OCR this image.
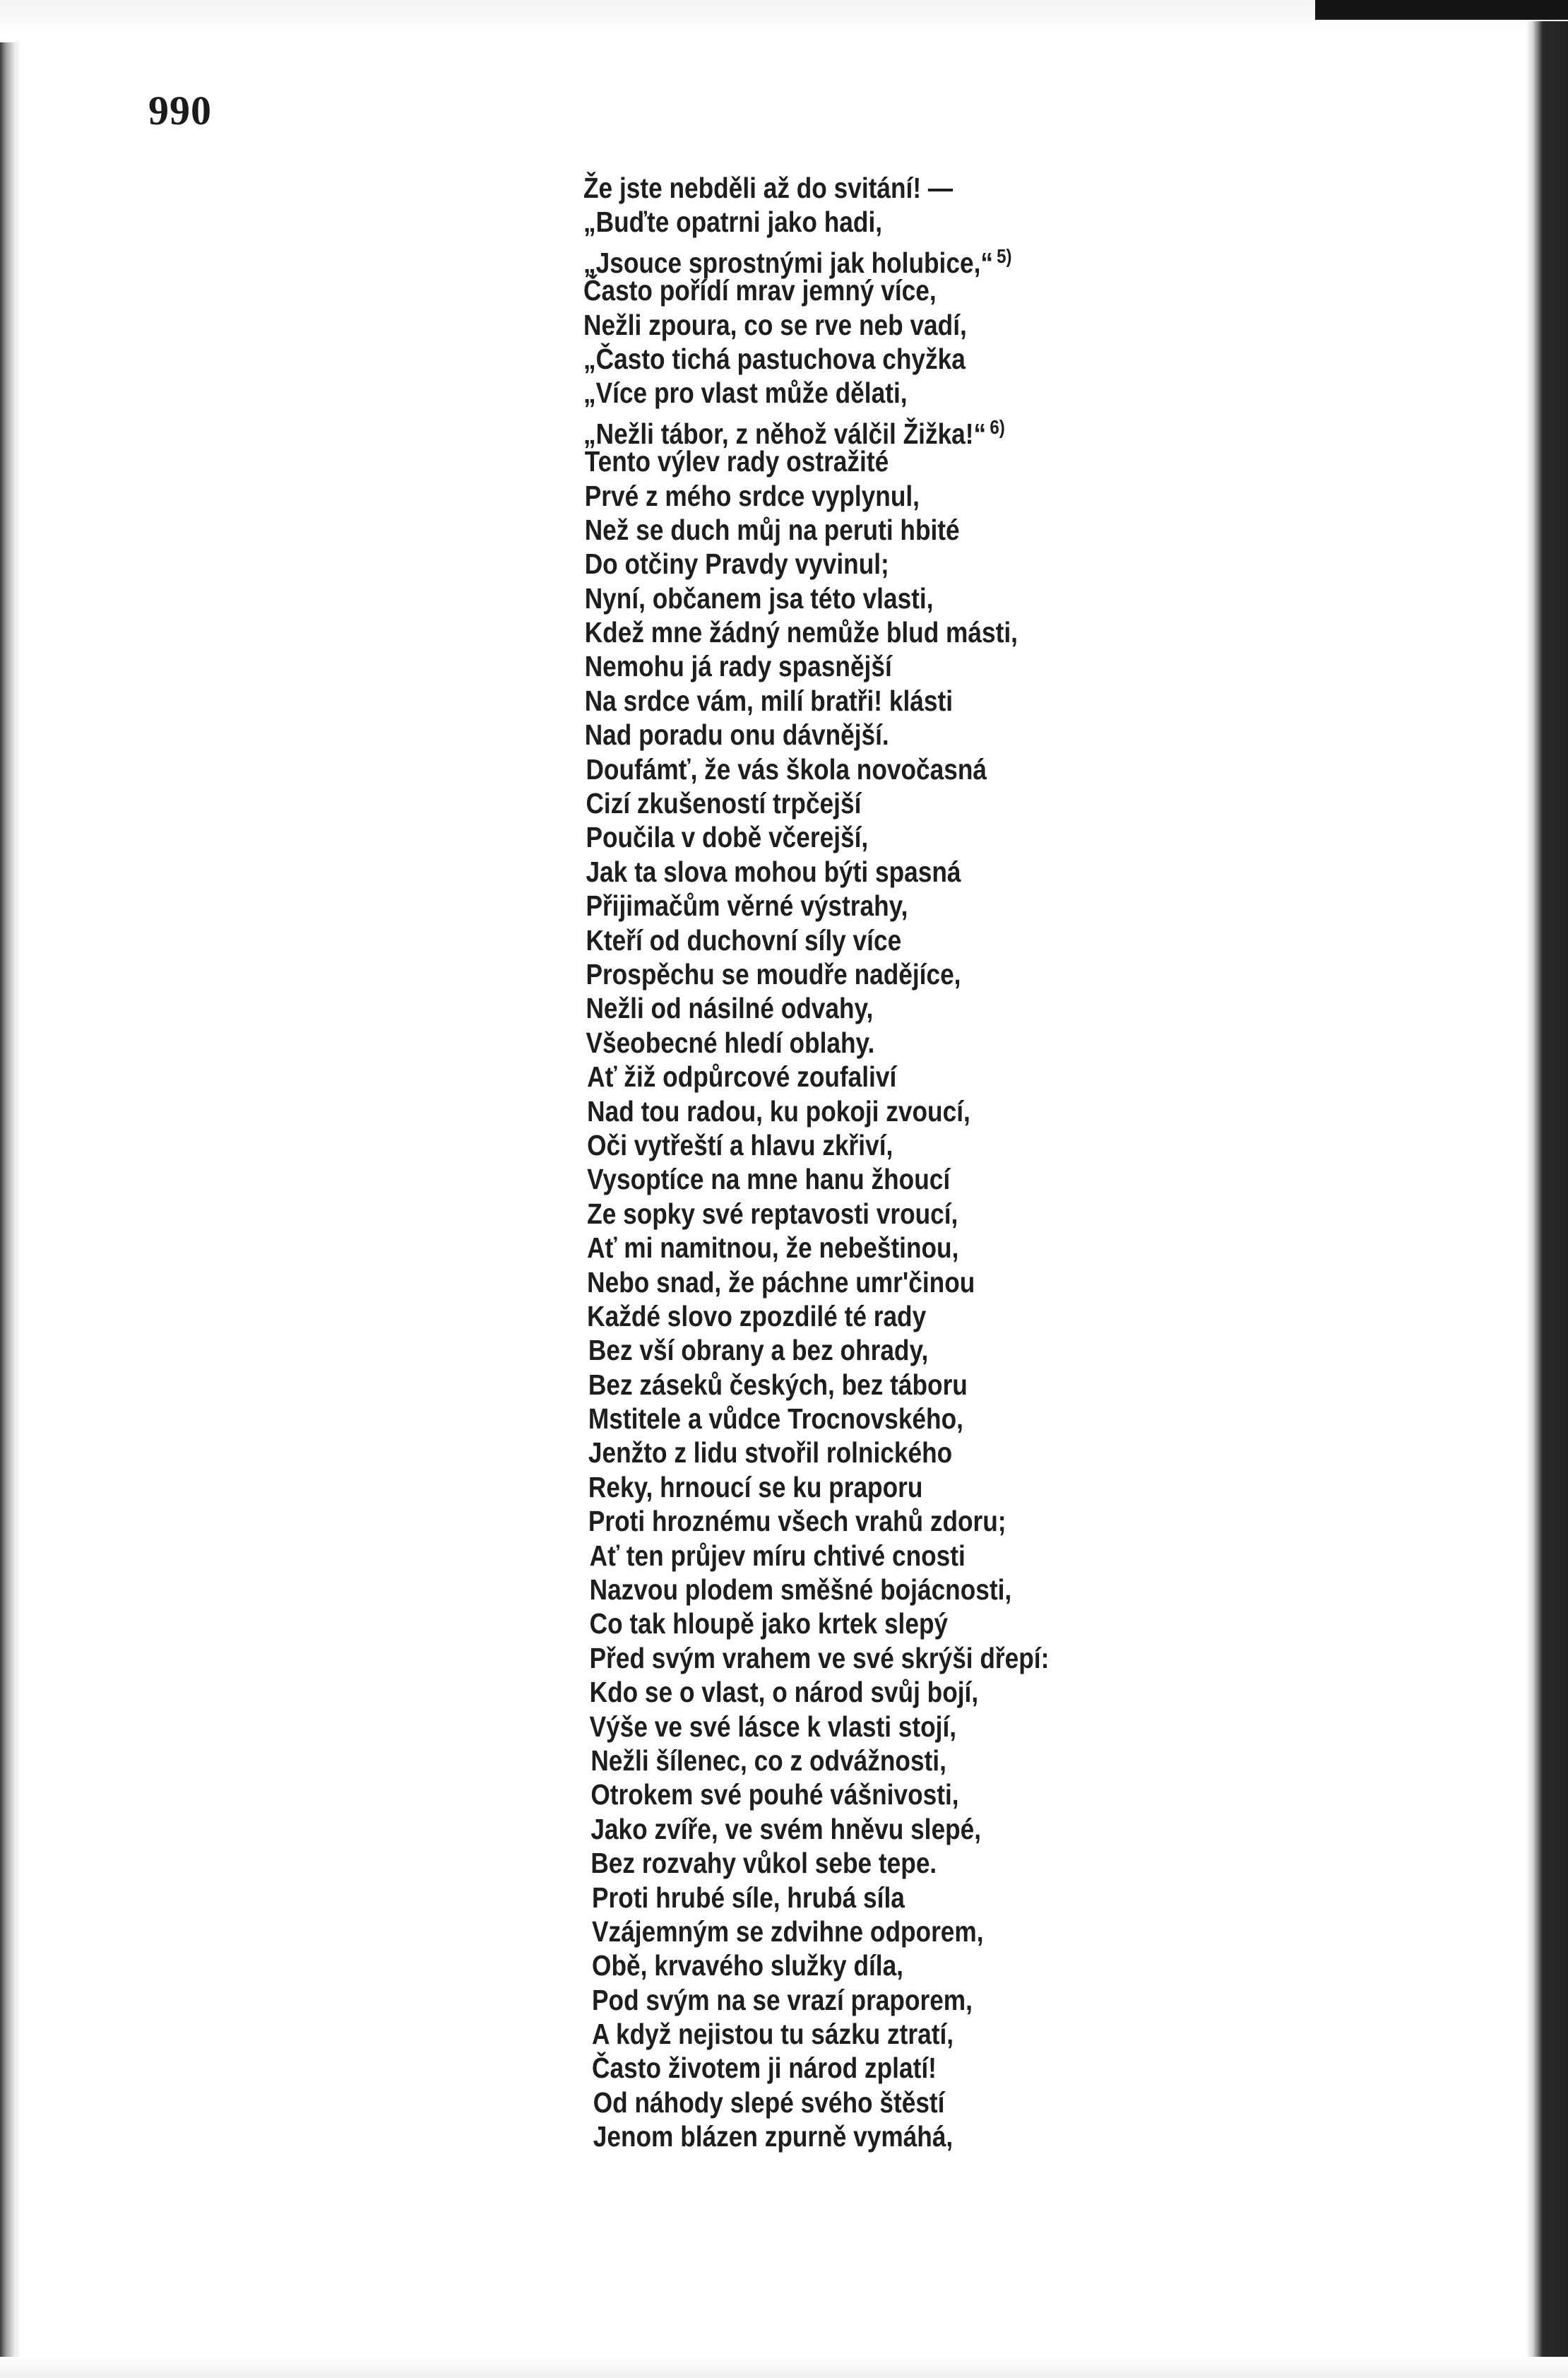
990
Že jste nebděli až do svitání! —
„Buďte opatrni jako hadi,
„Jsouce sprostnými jak holubice,“ $^{5)}$
Často pořídí mrav jemný více,
Nežli zpoura, co se rve neb vadí,
„Často tichá pastuchova chyžka
„Více pro vlast může dělati,
„Nežli tábor, z něhož válčil Žižka!“ $^{6)}$
Tento výlev rady ostražité
Prvé z mého srdce vyplynul,
Než se duch můj na peruti hbité
Do otčiny Pravdy vyvinul;
Nyní, občanem jsa této vlasti,
Kdež mne žádný nemůže blud másti,
Nemohu já rady spasnější
Na srdce vám, milí bratři! klásti
Nad poradu onu dávnější.
Doufámť, že vás škola novočasná
Cizí zkušeností trpčejší
Poučila v době včerejší,
Jak ta slova mohou býti spasná
Přijimačům věrné výstrahy,
Kteří od duchovní síly více
Prospěchu se moudře nadějíce,
Nežli od násilné odvahy,
Všeobecné hledí oblahy.
Ať žiž odpůrcové zoufaliví
Nad tou radou, ku pokoji zvoucí,
Oči vytřeští a hlavu zkřiví,
Vysoptíce na mne hanu žhoucí
Ze sopky své reptavosti vroucí,
Ať mi namitnou, že nebeštinou,
Nebo snad, že páchne umr'činou
Každé slovo zpozdilé té rady
Bez vší obrany a bez ohrady,
Bez záseků českých, bez táboru
Mstitele a vůdce Trocnovského,
Jenžto z lidu stvořil rolnického
Reky, hrnoucí se ku praporu
Proti hroznému všech vrahů zdoru;
Ať ten průjev míru chtivé cnosti
Nazvou plodem směšné bojácnosti,
Co tak hloupě jako krtek slepý
Před svým vrahem ve své skrýši dřepí:
Kdo se o vlast, o národ svůj bojí,
Výše ve své lásce k vlasti stojí,
Nežli šílenec, co z odvážnosti,
Otrokem své pouhé vášnivosti,
Jako zvíře, ve svém hněvu slepé,
Bez rozvahy vůkol sebe tepe.
Proti hrubé síle, hrubá síla
Vzájemným se zdvihne odporem,
Obě, krvavého služky díla,
Pod svým na se vrazí praporem,
A když nejistou tu sázku ztratí,
Často životem ji národ zplatí!
Od náhody slepé svého štěstí
Jenom blázen zpurně vymáhá,
